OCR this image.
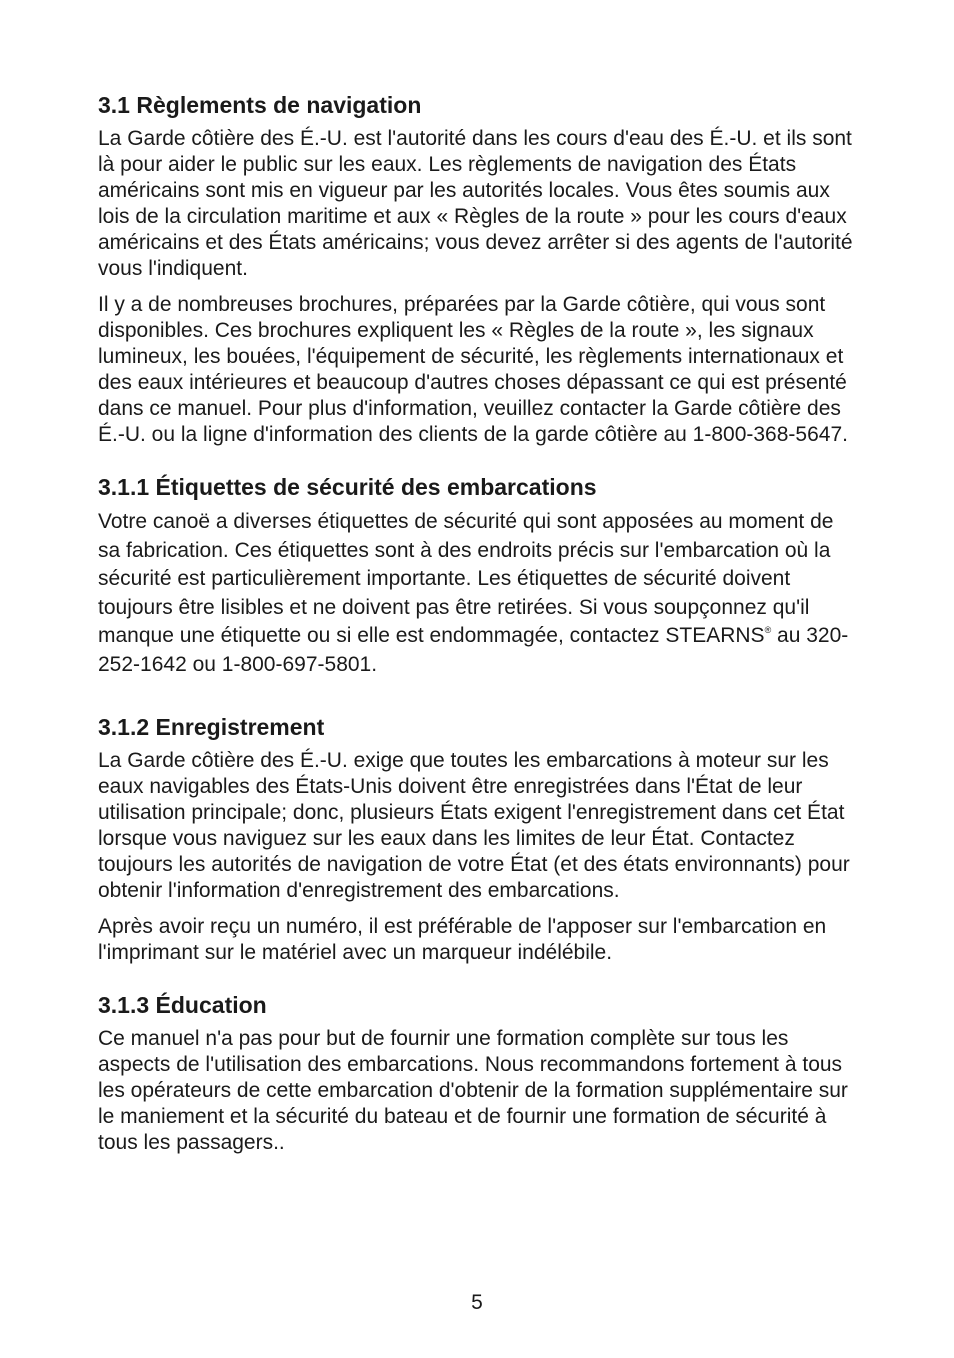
3.1 Règlements de navigation

La Garde côtière des É.-U. est l'autorité dans les cours d'eau des É.-U. et ils sont là pour aider le public sur les eaux. Les règlements de navigation des États américains sont mis en vigueur par les autorités locales. Vous êtes soumis aux lois de la circulation maritime et aux « Règles de la route » pour les cours d'eaux américains et des États américains; vous devez arrêter si des agents de l'autorité vous l'indiquent.

Il y a de nombreuses brochures, préparées par la Garde côtière, qui vous sont disponibles. Ces brochures expliquent les « Règles de la route », les signaux lumineux, les bouées, l'équipement de sécurité, les règlements internationaux et des eaux intérieures et beaucoup d'autres choses dépassant ce qui est présenté dans ce manuel. Pour plus d'information, veuillez contacter la Garde côtière des É.-U. ou la ligne d'information des clients de la garde côtière au 1-800-368-5647.

3.1.1 Étiquettes de sécurité des embarcations

Votre canoë a diverses étiquettes de sécurité qui sont apposées au moment de sa fabrication. Ces étiquettes sont à des endroits précis sur l'embarcation où la sécurité est particulièrement importante. Les étiquettes de sécurité doivent toujours être lisibles et ne doivent pas être retirées. Si vous soupçonnez qu'il manque une étiquette ou si elle est endommagée, contactez STEARNS® au 320-252-1642 ou 1-800-697-5801.

3.1.2 Enregistrement

La Garde côtière des É.-U. exige que toutes les embarcations à moteur sur les eaux navigables des États-Unis doivent être enregistrées dans l'État de leur utilisation principale; donc, plusieurs États exigent l'enregistrement dans cet État lorsque vous naviguez sur les eaux dans les limites de leur État. Contactez toujours les autorités de navigation de votre État (et des états environnants) pour obtenir l'information d'enregistrement des embarcations.

Après avoir reçu un numéro, il est préférable de l'apposer sur l'embarcation en l'imprimant sur le matériel avec un marqueur indélébile.

3.1.3 Éducation

Ce manuel n'a pas pour but de fournir une formation complète sur tous les aspects de l'utilisation des embarcations. Nous recommandons fortement à tous les opérateurs de cette embarcation d'obtenir de la formation supplémentaire sur le maniement et la sécurité du bateau et de fournir une formation de sécurité à tous les passagers..

5
